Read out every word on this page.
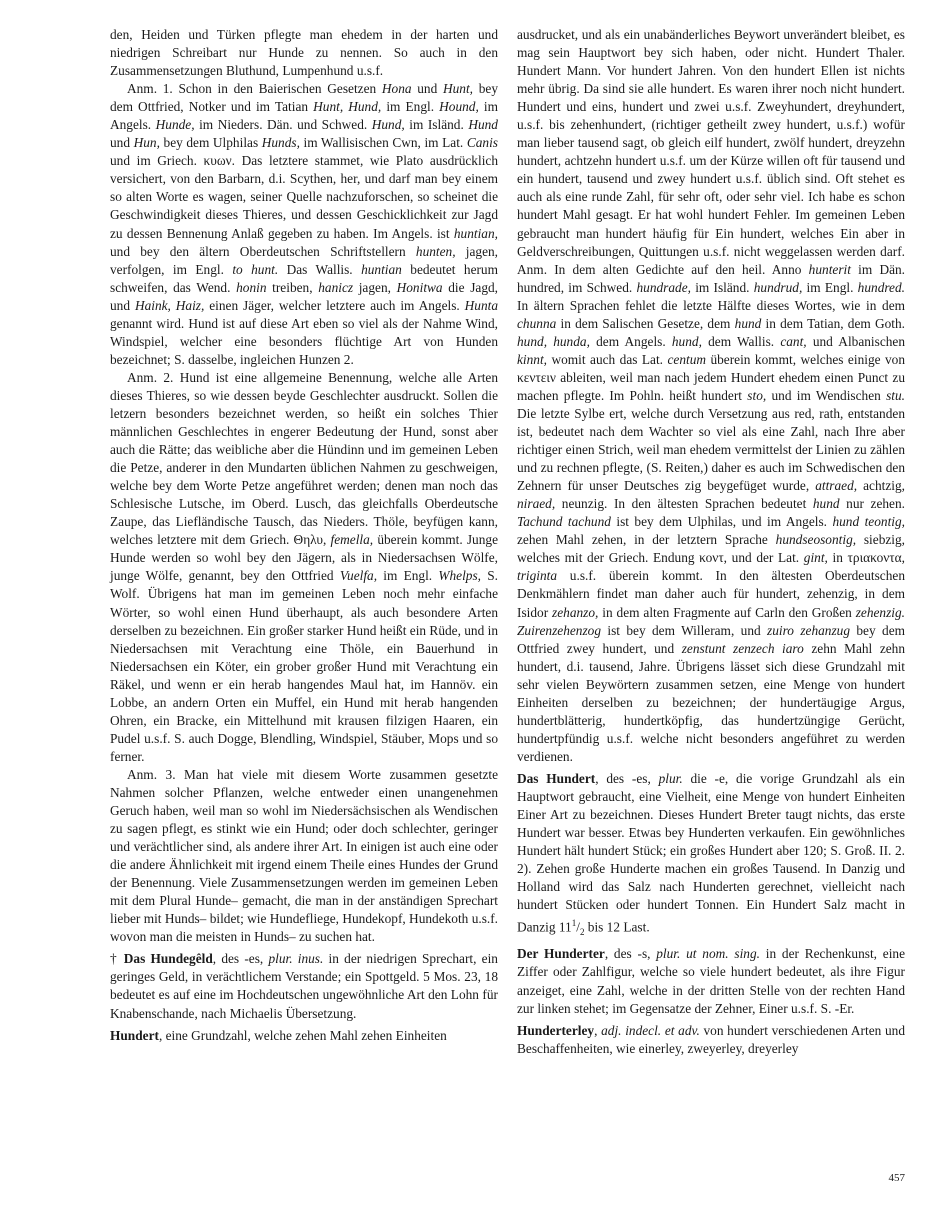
den, Heiden und Türken pflegte man ehedem in der harten und niedrigen Schreibart nur Hunde zu nennen. So auch in den Zusammensetzungen Bluthund, Lumpenhund u.s.f.

Anm. 1. Schon in den Baierischen Gesetzen Hona und Hunt, bey dem Ottfried, Notker und im Tatian Hunt, Hund, im Engl. Hound, im Angels. Hunde, im Nieders. Dän. und Schwed. Hund, im Isländ. Hund und Hun, bey dem Ulphilas Hunds, im Wallisischen Cwn, im Lat. Canis und im Griech. κυων. Das letztere stammet, wie Plato ausdrücklich versichert, von den Barbarn, d.i. Scythen, her, und darf man bey einem so alten Worte es wagen, seiner Quelle nachzuforschen, so scheinet die Geschwindigkeit dieses Thieres, und dessen Geschicklichkeit zur Jagd zu dessen Bennenung Anlaß gegeben zu haben. Im Angels. ist huntian, und bey den ältern Oberdeutschen Schriftstellern hunten, jagen, verfolgen, im Engl. to hunt. Das Wallis. huntian bedeutet herum schweifen, das Wend. honin treiben, hanicz jagen, Honitwa die Jagd, und Haink, Haiz, einen Jäger, welcher letztere auch im Angels. Hunta genannt wird. Hund ist auf diese Art eben so viel als der Nahme Wind, Windspiel, welcher eine besonders flüchtige Art von Hunden bezeichnet; S. dasselbe, ingleichen Hunzen 2.

Anm. 2. Hund ist eine allgemeine Benennung, welche alle Arten dieses Thieres, so wie dessen beyde Geschlechter ausdruckt. Sollen die letzern besonders bezeichnet werden, so heißt ein solches Thier männlichen Geschlechtes in engerer Bedeutung der Hund, sonst aber auch die Rätte; das weibliche aber die Hündinn und im gemeinen Leben die Petze, anderer in den Mundarten üblichen Nahmen zu geschweigen, welche bey dem Worte Petze angeführet werden; denen man noch das Schlesische Lutsche, im Oberd. Lusch, das gleichfalls Oberdeutsche Zaupe, das Liefländische Tausch, das Nieders. Thöle, beyfügen kann, welches letztere mit dem Griech. Θηλυ, femella, überein kommt. Junge Hunde werden so wohl bey den Jägern, als in Niedersachsen Wölfe, junge Wölfe, genannt, bey den Ottfried Vuelfa, im Engl. Whelps, S. Wolf. Übrigens hat man im gemeinen Leben noch mehr einfache Wörter, so wohl einen Hund überhaupt, als auch besondere Arten derselben zu bezeichnen. Ein großer starker Hund heißt ein Rüde, und in Niedersachsen mit Verachtung eine Thöle, ein Bauerhund in Niedersachsen ein Köter, ein grober großer Hund mit Verachtung ein Räkel, und wenn er ein herab hangendes Maul hat, im Hannöv. ein Lobbe, an andern Orten ein Muffel, ein Hund mit herab hangenden Ohren, ein Bracke, ein Mittelhund mit krausen filzigen Haaren, ein Pudel u.s.f. S. auch Dogge, Blendling, Windspiel, Stäuber, Mops und so ferner.

Anm. 3. Man hat viele mit diesem Worte zusammen gesetzte Nahmen solcher Pflanzen, welche entweder einen unangenehmen Geruch haben, weil man so wohl im Niedersächsischen als Wendischen zu sagen pflegt, es stinkt wie ein Hund; oder doch schlechter, geringer und verächtlicher sind, als andere ihrer Art. In einigen ist auch eine oder die andere Ähnlichkeit mit irgend einem Theile eines Hundes der Grund der Benennung. Viele Zusammensetzungen werden im gemeinen Leben mit dem Plural Hunde– gemacht, die man in der anständigen Sprechart lieber mit Hunds– bildet; wie Hundefliege, Hundekopf, Hundekoth u.s.f. wovon man die meisten in Hunds– zu suchen hat.

† Das Hundegêld, des -es, plur. inus. in der niedrigen Sprechart, ein geringes Geld, in verächtlichem Verstande; ein Spottgeld. 5 Mos. 23, 18 bedeutet es auf eine im Hochdeutschen ungewöhnliche Art den Lohn für Knabenschande, nach Michaelis Übersetzung.

Hundert, eine Grundzahl, welche zehen Mahl zehen Einheiten

ausdrucket, und als ein unabänderliches Beywort unverändert bleibet, es mag sein Hauptwort bey sich haben, oder nicht. Hundert Thaler. Hundert Mann. Vor hundert Jahren. Von den hundert Ellen ist nichts mehr übrig. Da sind sie alle hundert. Es waren ihrer noch nicht hundert. Hundert und eins, hundert und zwei u.s.f. Zweyhundert, dreyhundert, u.s.f. bis zehenhundert, (richtiger getheilt zwey hundert, u.s.f.) wofür man lieber tausend sagt, ob gleich eilf hundert, zwölf hundert, dreyzehn hundert, achtzehn hundert u.s.f. um der Kürze willen oft für tausend und ein hundert, tausend und zwey hundert u.s.f. üblich sind. Oft stehet es auch als eine runde Zahl, für sehr oft, oder sehr viel. Ich habe es schon hundert Mahl gesagt. Er hat wohl hundert Fehler. Im gemeinen Leben gebraucht man hundert häufig für Ein hundert, welches Ein aber in Geldverschreibungen, Quittungen u.s.f. nicht weggelassen werden darf. Anm. In dem alten Gedichte auf den heil. Anno hunterit im Dän. hundred, im Schwed. hundrade, im Isländ. hundrud, im Engl. hundred. In ältern Sprachen fehlet die letzte Hälfte dieses Wortes, wie in dem chunna in dem Salischen Gesetze, dem hund in dem Tatian, dem Goth. hund, hunda, dem Angels. hund, dem Wallis. cant, und Albanischen kinnt, womit auch das Lat. centum überein kommt, welches einige von κεντειν ableiten, weil man nach jedem Hundert ehedem einen Punct zu machen pflegte. Im Pohln. heißt hundert sto, und im Wendischen stu. Die letzte Sylbe ert, welche durch Versetzung aus red, rath, entstanden ist, bedeutet nach dem Wachter so viel als eine Zahl, nach Ihre aber richtiger einen Strich, weil man ehedem vermittelst der Linien zu zählen und zu rechnen pflegte, (S. Reiten,) daher es auch im Schwedischen den Zehnern für unser Deutsches zig beygefüget wurde, attraed, achtzig, niraed, neunzig. In den ältesten Sprachen bedeutet hund nur zehen. Tachund tachund ist bey dem Ulphilas, und im Angels. hund teontig, zehen Mahl zehen, in der letztern Sprache hundseosontig, siebzig, welches mit der Griech. Endung κοντ, und der Lat. gint, in τριακοντα, triginta u.s.f. überein kommt. In den ältesten Oberdeutschen Denkmählern findet man daher auch für hundert, zehenzig, in dem Isidor zehanzo, in dem alten Fragmente auf Carln den Großen zehenzig. Zuirenzehenzog ist bey dem Willeram, und zuiro zehanzug bey dem Ottfried zwey hundert, und zenstunt zenzech iaro zehn Mahl zehn hundert, d.i. tausend, Jahre. Übrigens lässet sich diese Grundzahl mit sehr vielen Beywörtern zusammen setzen, eine Menge von hundert Einheiten derselben zu bezeichnen; der hundertäugige Argus, hundertblätterig, hundertköpfig, das hundertzüngige Gerücht, hundertpfündig u.s.f. welche nicht besonders angeführet zu werden verdienen.

Das Hundert, des -es, plur. die -e, die vorige Grundzahl als ein Hauptwort gebraucht, eine Vielheit, eine Menge von hundert Einheiten Einer Art zu bezeichnen. Dieses Hundert Breter taugt nichts, das erste Hundert war besser. Etwas bey Hunderten verkaufen. Ein gewöhnliches Hundert hält hundert Stück; ein großes Hundert aber 120; S. Groß. II. 2. 2). Zehen große Hunderte machen ein großes Tausend. In Danzig und Holland wird das Salz nach Hunderten gerechnet, vielleicht nach hundert Stücken oder hundert Tonnen. Ein Hundert Salz macht in Danzig $11^1/_2$ bis 12 Last.

Der Hunderter, des -s, plur. ut nom. sing. in der Rechenkunst, eine Ziffer oder Zahlfigur, welche so viele hundert bedeutet, als ihre Figur anzeiget, eine Zahl, welche in der dritten Stelle von der rechten Hand zur linken stehet; im Gegensatze der Zehner, Einer u.s.f. S. -Er.

Hunderterley, adj. indecl. et adv. von hundert verschiedenen Arten und Beschaffenheiten, wie einerley, zweyerley, dreyerley

457
